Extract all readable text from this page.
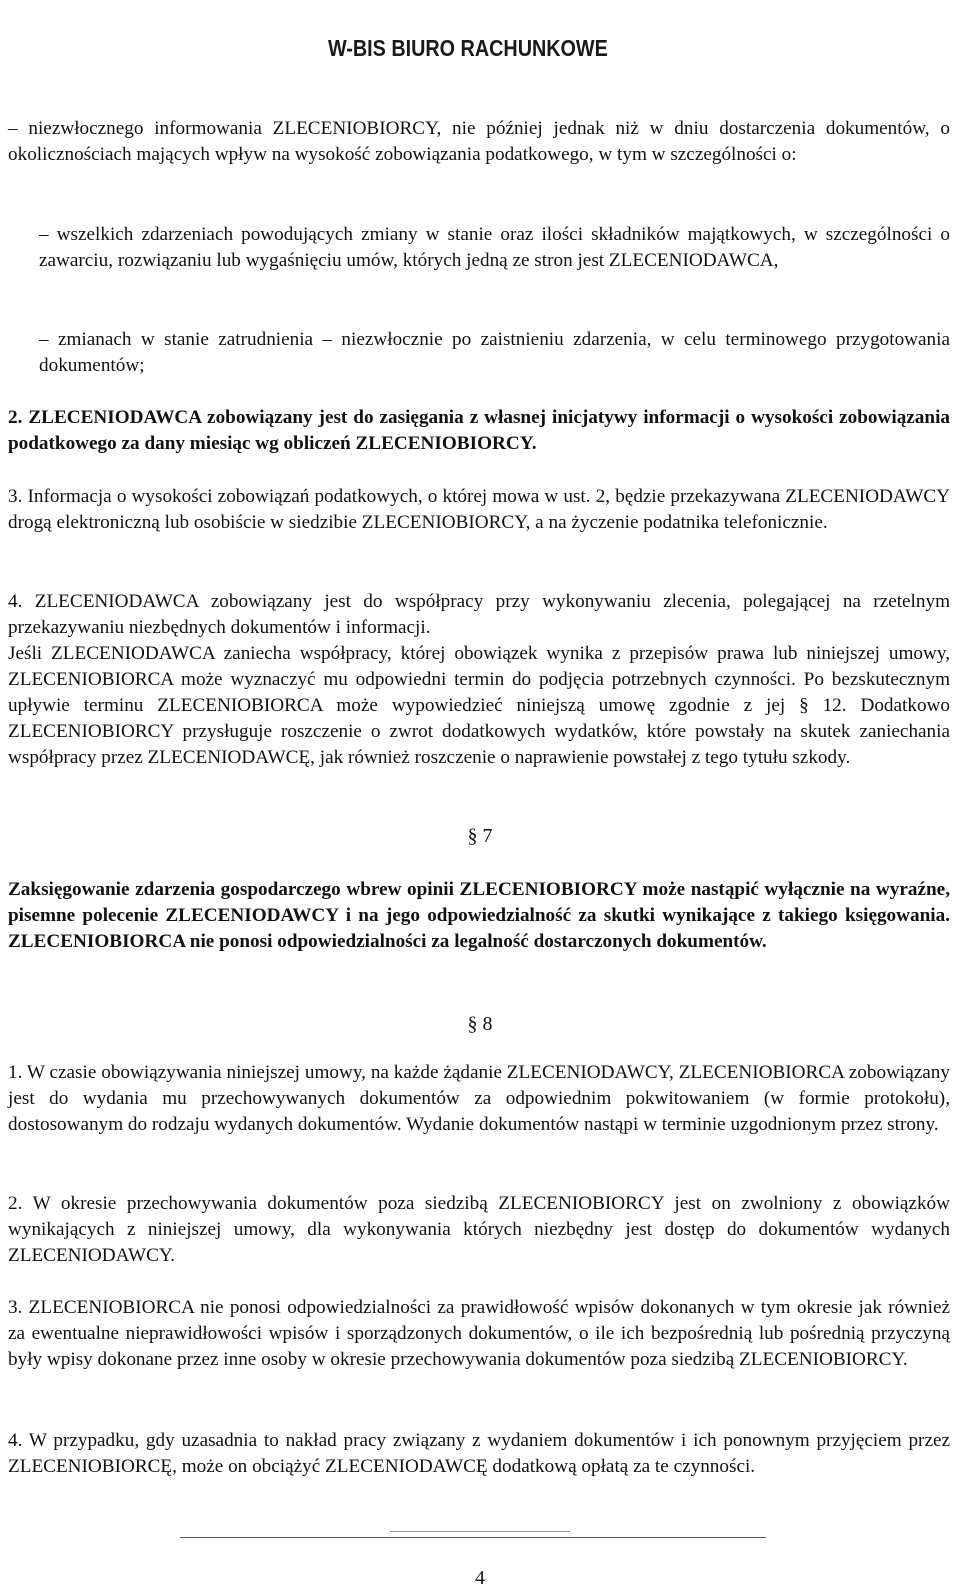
W-BIS BIURO RACHUNKOWE
– niezwłocznego informowania ZLECENIOBIORCY, nie później jednak niż w dniu dostarczenia dokumentów, o okolicznościach mających wpływ na wysokość zobowiązania podatkowego, w tym w szczególności o:
– wszelkich zdarzeniach powodujących zmiany w stanie oraz ilości składników majątkowych, w szczególności o zawarciu, rozwiązaniu lub wygaśnięciu umów, których jedną ze stron jest ZLECENIODAWCA,
– zmianach w stanie zatrudnienia – niezwłocznie po zaistnieniu zdarzenia, w celu terminowego przygotowania dokumentów;
2. ZLECENIODAWCA zobowiązany jest do zasięgania z własnej inicjatywy informacji o wysokości zobowiązania podatkowego za dany miesiąc wg obliczeń ZLECENIOBIORCY.
3. Informacja o wysokości zobowiązań podatkowych, o której mowa w ust. 2, będzie przekazywana ZLECENIODAWCY drogą elektroniczną lub osobiście w siedzibie ZLECENIOBIORCY, a na życzenie podatnika telefonicznie.
4. ZLECENIODAWCA zobowiązany jest do współpracy przy wykonywaniu zlecenia, polegającej na rzetelnym przekazywaniu niezbędnych dokumentów i informacji.
Jeśli ZLECENIODAWCA zaniecha współpracy, której obowiązek wynika z przepisów prawa lub niniejszej umowy, ZLECENIOBIORCA może wyznaczyć mu odpowiedni termin do podjęcia potrzebnych czynności. Po bezskutecznym upływie terminu ZLECENIOBIORCA może wypowiedzieć niniejszą umowę zgodnie z jej § 12. Dodatkowo ZLECENIOBIORCY przysługuje roszczenie o zwrot dodatkowych wydatków, które powstały na skutek zaniechania współpracy przez ZLECENIODAWCĘ, jak również roszczenie o naprawienie powstałej z tego tytułu szkody.
§ 7
Zaksięgowanie zdarzenia gospodarczego wbrew opinii ZLECENIOBIORCY może nastąpić wyłącznie na wyraźne, pisemne polecenie ZLECENIODAWCY i na jego odpowiedzialność za skutki wynikające z takiego księgowania. ZLECENIOBIORCA nie ponosi odpowiedzialności za legalność dostarczonych dokumentów.
§ 8
1. W czasie obowiązywania niniejszej umowy, na każde żądanie ZLECENIODAWCY, ZLECENIOBIORCA zobowiązany jest do wydania mu przechowywanych dokumentów za odpowiednim pokwitowaniem (w formie protokołu), dostosowanym do rodzaju wydanych dokumentów. Wydanie dokumentów nastąpi w terminie uzgodnionym przez strony.
2. W okresie przechowywania dokumentów poza siedzibą ZLECENIOBIORCY jest on zwolniony z obowiązków wynikających z niniejszej umowy, dla wykonywania których niezbędny jest dostęp do dokumentów wydanych ZLECENIODAWCY.
3. ZLECENIOBIORCA nie ponosi odpowiedzialności za prawidłowość wpisów dokonanych w tym okresie jak również za ewentualne nieprawidłowości wpisów i sporządzonych dokumentów, o ile ich bezpośrednią lub pośrednią przyczyną były wpisy dokonane przez inne osoby w okresie przechowywania dokumentów poza siedzibą ZLECENIOBIORCY.
4. W przypadku, gdy uzasadnia to nakład pracy związany z wydaniem dokumentów i ich ponownym przyjęciem przez ZLECENIOBIORCĘ, może on obciążyć ZLECENIODAWCĘ dodatkową opłatą za te czynności.
4
